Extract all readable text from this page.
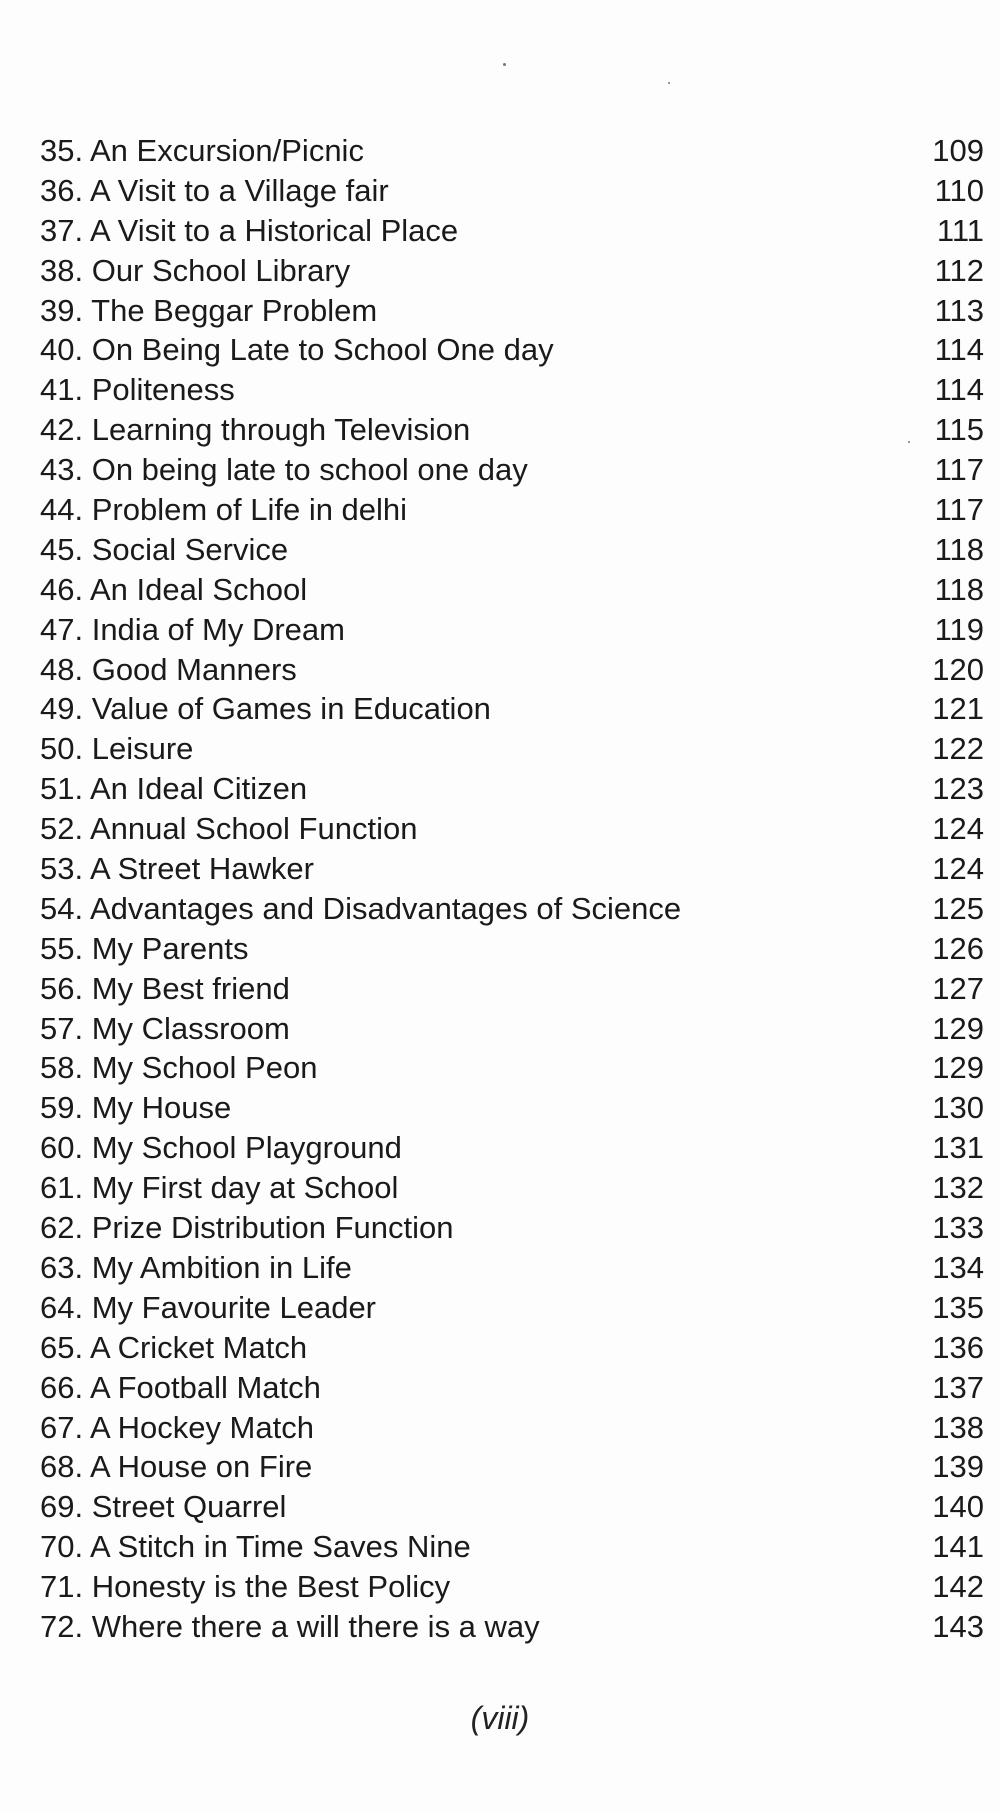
35. An Excursion/Picnic	109
36. A Visit to a Village fair	110
37. A Visit to a Historical Place	111
38. Our School Library	112
39. The Beggar Problem	113
40. On Being Late to School One day	114
41. Politeness	114
42. Learning through Television	115
43. On being late to school one day	117
44. Problem of Life in delhi	117
45. Social Service	118
46. An Ideal School	118
47. India of My Dream	119
48. Good Manners	120
49. Value of Games in Education	121
50. Leisure	122
51. An Ideal Citizen	123
52. Annual School Function	124
53. A Street Hawker	124
54. Advantages and Disadvantages of Science	125
55. My Parents	126
56. My Best friend	127
57. My Classroom	129
58. My School Peon	129
59. My House	130
60. My School Playground	131
61. My First day at School	132
62. Prize Distribution Function	133
63. My Ambition in Life	134
64. My Favourite Leader	135
65. A Cricket Match	136
66. A Football Match	137
67. A Hockey Match	138
68. A House on Fire	139
69. Street Quarrel	140
70. A Stitch in Time Saves Nine	141
71. Honesty is the Best Policy	142
72. Where there a will there is a way	143
(viii)
